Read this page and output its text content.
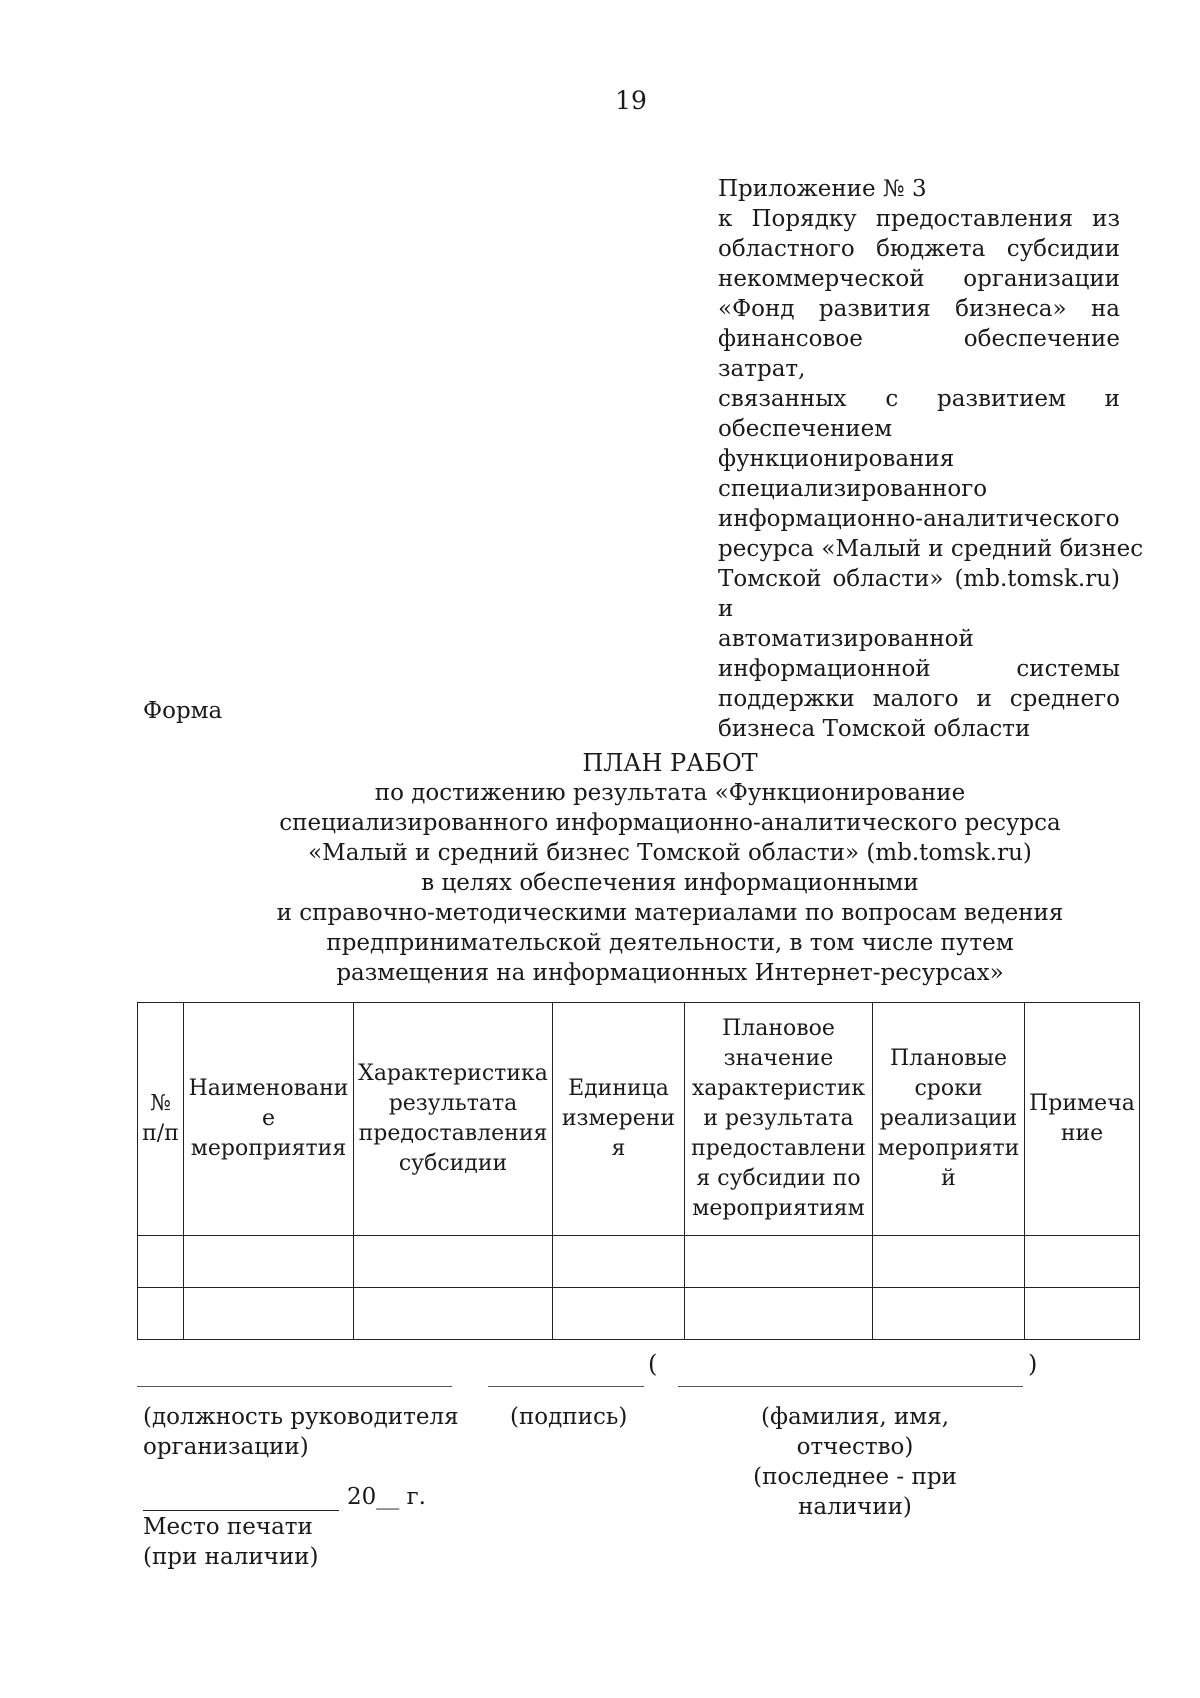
19
Приложение № 3
к Порядку предоставления из
областного бюджета субсидии
некоммерческой организации
«Фонд развития бизнеса» на
финансовое обеспечение затрат,
связанных с развитием и
обеспечением функционирования
специализированного
информационно-аналитического
ресурса «Малый и средний бизнес
Томской области» (mb.tomsk.ru) и
автоматизированной
информационной системы
поддержки малого и среднего
бизнеса Томской области
Форма
ПЛАН РАБОТ
по достижению результата «Функционирование
специализированного информационно-аналитического ресурса
«Малый и средний бизнес Томской области» (mb.tomsk.ru)
в целях обеспечения информационными
и справочно-методическими материалами по вопросам ведения
предпринимательской деятельности, в том числе путем
размещения на информационных Интернет-ресурсах»
№ п/п	Наименование мероприятия	Характеристика результата предоставления субсидии	Единица измерения	Плановое значение характеристики результата предоставления субсидии по мероприятиям	Плановые сроки реализации мероприятий	Примечание

(	)
(должность руководителя
организации)
(подпись)	(фамилия, имя, отчество)
(последнее - при наличии)
20__ г.
Место печати
(при наличии)
